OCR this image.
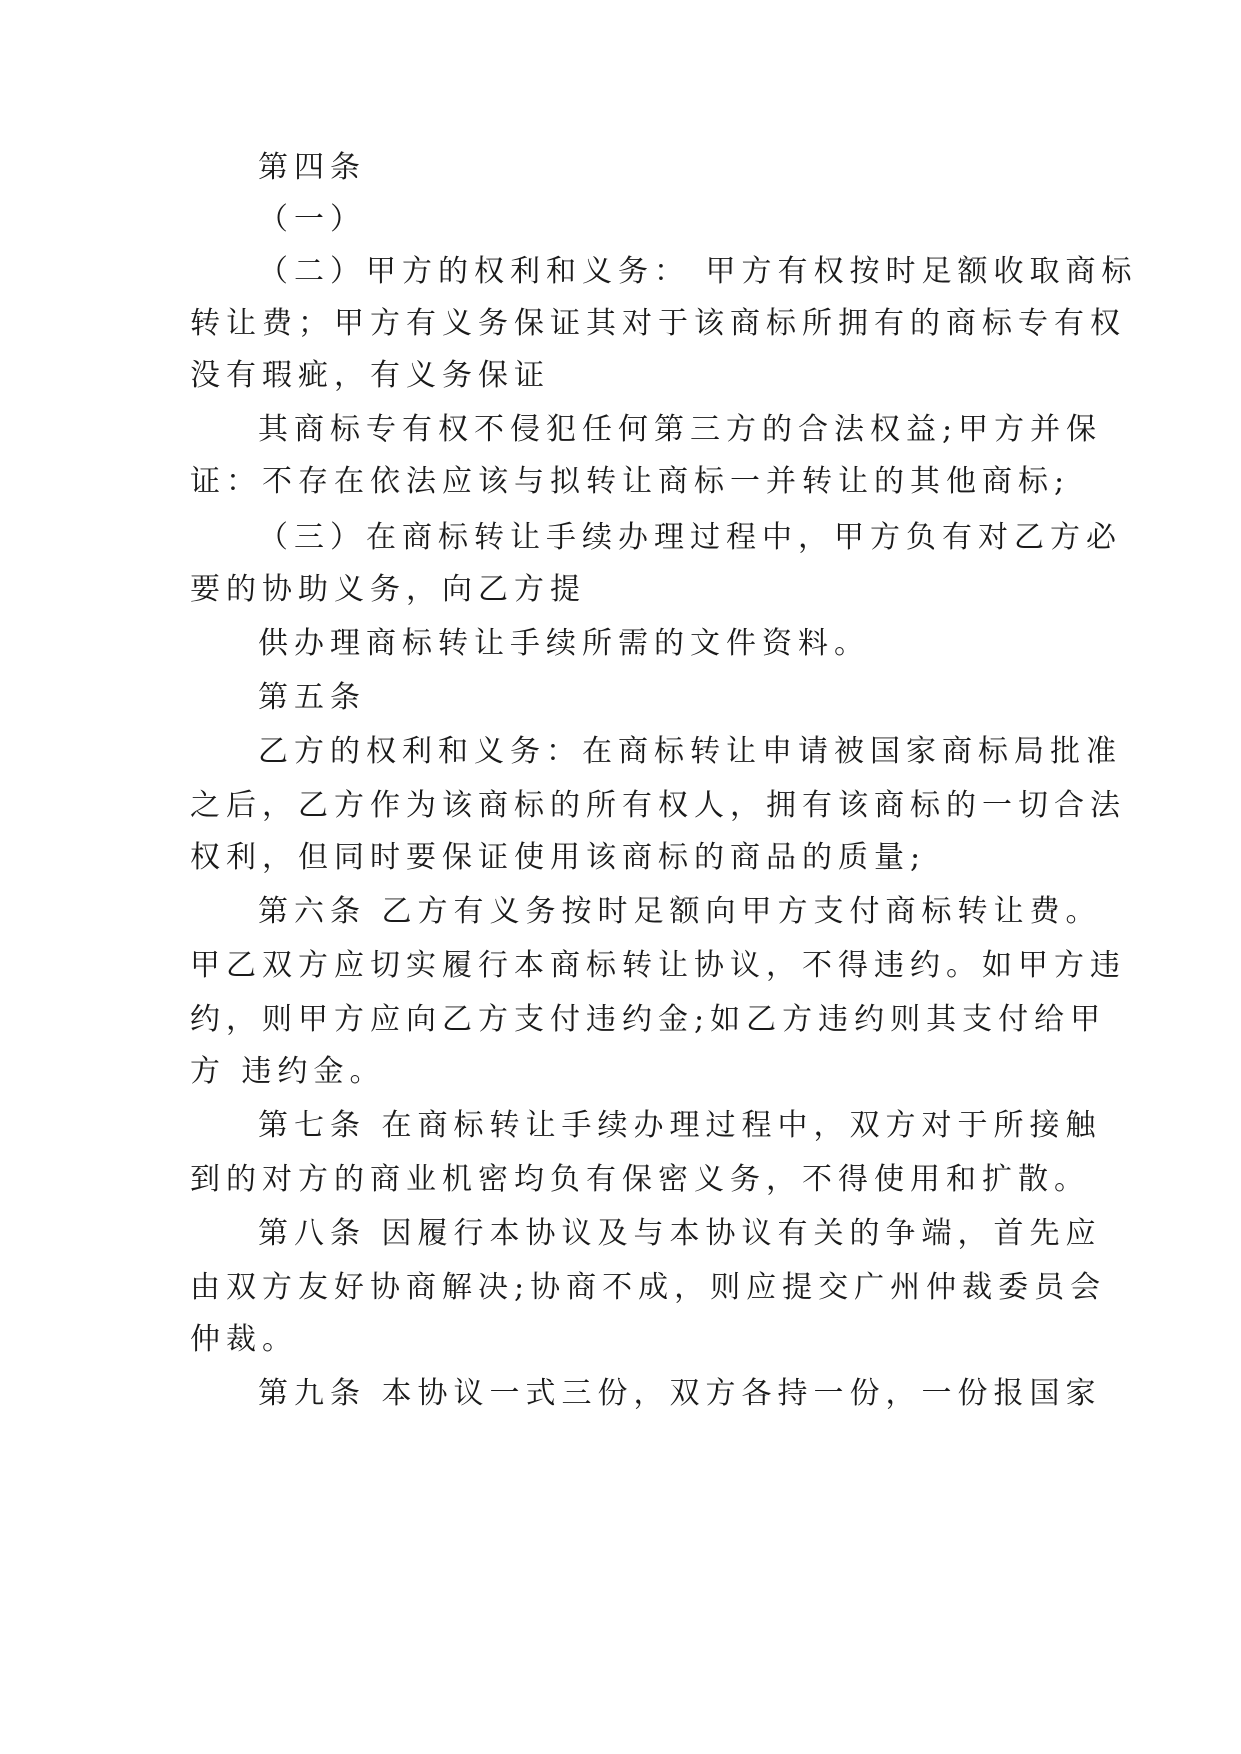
第四条
（一）
（二）甲方的权利和义务： 甲方有权按时足额收取商标
转让费；甲方有义务保证其对于该商标所拥有的商标专有权
没有瑕疵，有义务保证
其商标专有权不侵犯任何第三方的合法权益;甲方并保
证：不存在依法应该与拟转让商标一并转让的其他商标;
（三）在商标转让手续办理过程中，甲方负有对乙方必
要的协助义务，向乙方提
供办理商标转让手续所需的文件资料。
第五条
乙方的权利和义务：在商标转让申请被国家商标局批准
之后，乙方作为该商标的所有权人，拥有该商标的一切合法
权利，但同时要保证使用该商标的商品的质量;
第六条 乙方有义务按时足额向甲方支付商标转让费。
甲乙双方应切实履行本商标转让协议，不得违约。如甲方违
约，则甲方应向乙方支付违约金;如乙方违约则其支付给甲
方 违约金。
第七条 在商标转让手续办理过程中，双方对于所接触
到的对方的商业机密均负有保密义务，不得使用和扩散。
第八条 因履行本协议及与本协议有关的争端，首先应
由双方友好协商解决;协商不成，则应提交广州仲裁委员会
仲裁。
第九条 本协议一式三份，双方各持一份，一份报国家
